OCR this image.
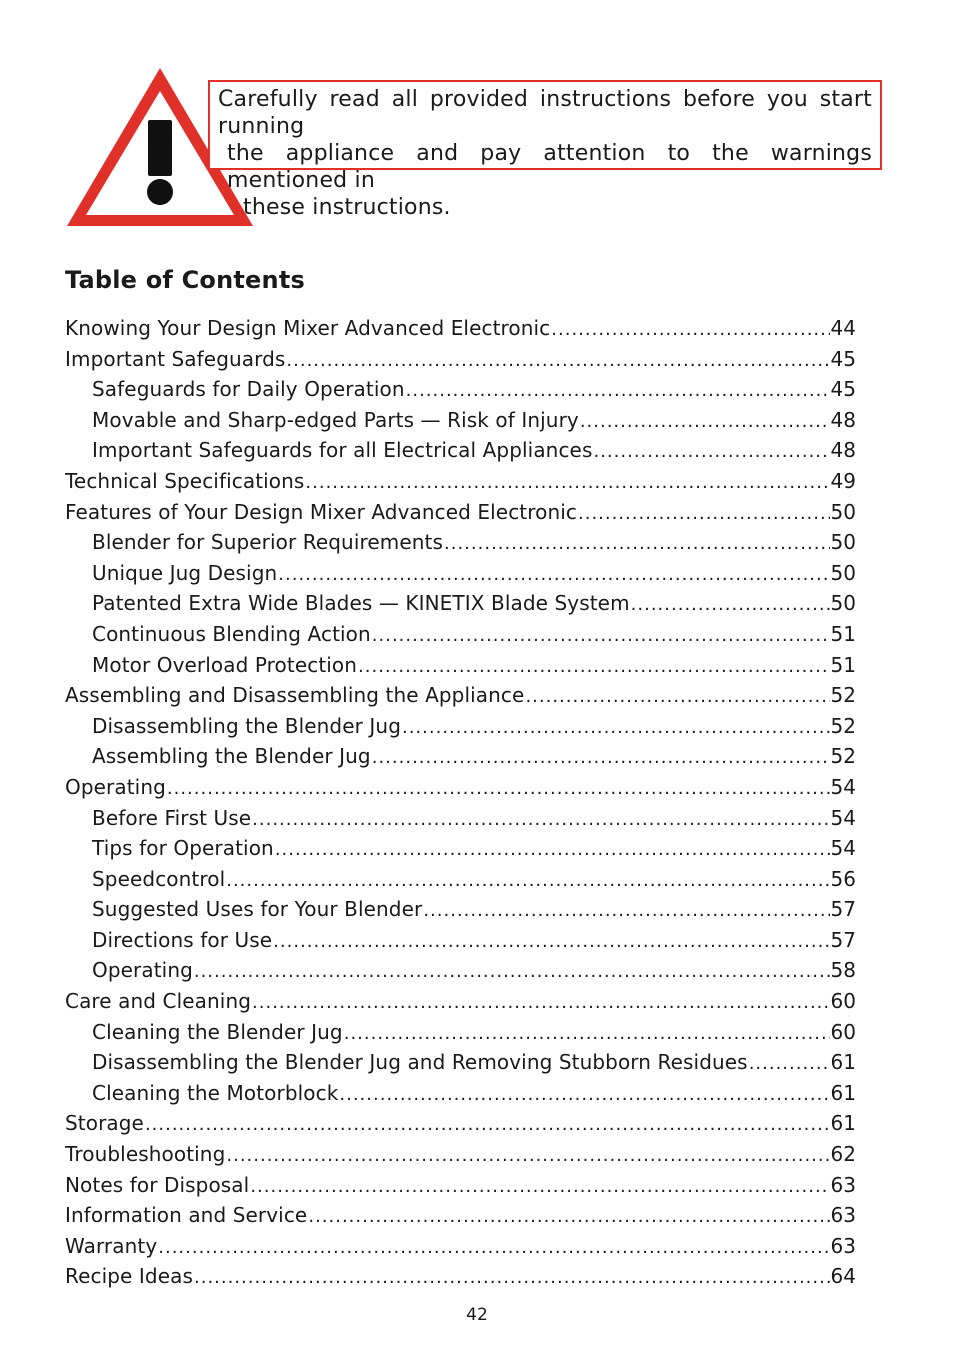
Carefully read all provided instructions before you start running
the appliance and pay attention to the warnings mentioned in
these instructions.
Table of Contents
Knowing Your Design Mixer Advanced Electronic .....	44
Important Safeguards .....	45
Safeguards for Daily Operation .....	45
Movable and Sharp-edged Parts — Risk of Injury .....	48
Important Safeguards for all Electrical Appliances .....	48
Technical Specifications .....	49
Features of Your Design Mixer Advanced Electronic .....	50
Blender for Superior Requirements .....	50
Unique Jug Design .....	50
Patented Extra Wide Blades — KINETIX Blade System .....	50
Continuous Blending Action .....	51
Motor Overload Protection .....	51
Assembling and Disassembling the Appliance .....	52
Disassembling the Blender Jug .....	52
Assembling the Blender Jug .....	52
Operating .....	54
Before First Use .....	54
Tips for Operation .....	54
Speedcontrol .....	56
Suggested Uses for Your Blender .....	57
Directions for Use .....	57
Operating .....	58
Care and Cleaning .....	60
Cleaning the Blender Jug .....	60
Disassembling the Blender Jug and Removing Stubborn Residues .....	61
Cleaning the Motorblock .....	61
Storage .....	61
Troubleshooting .....	62
Notes for Disposal .....	63
Information and Service .....	63
Warranty .....	63
Recipe Ideas .....	64
42
